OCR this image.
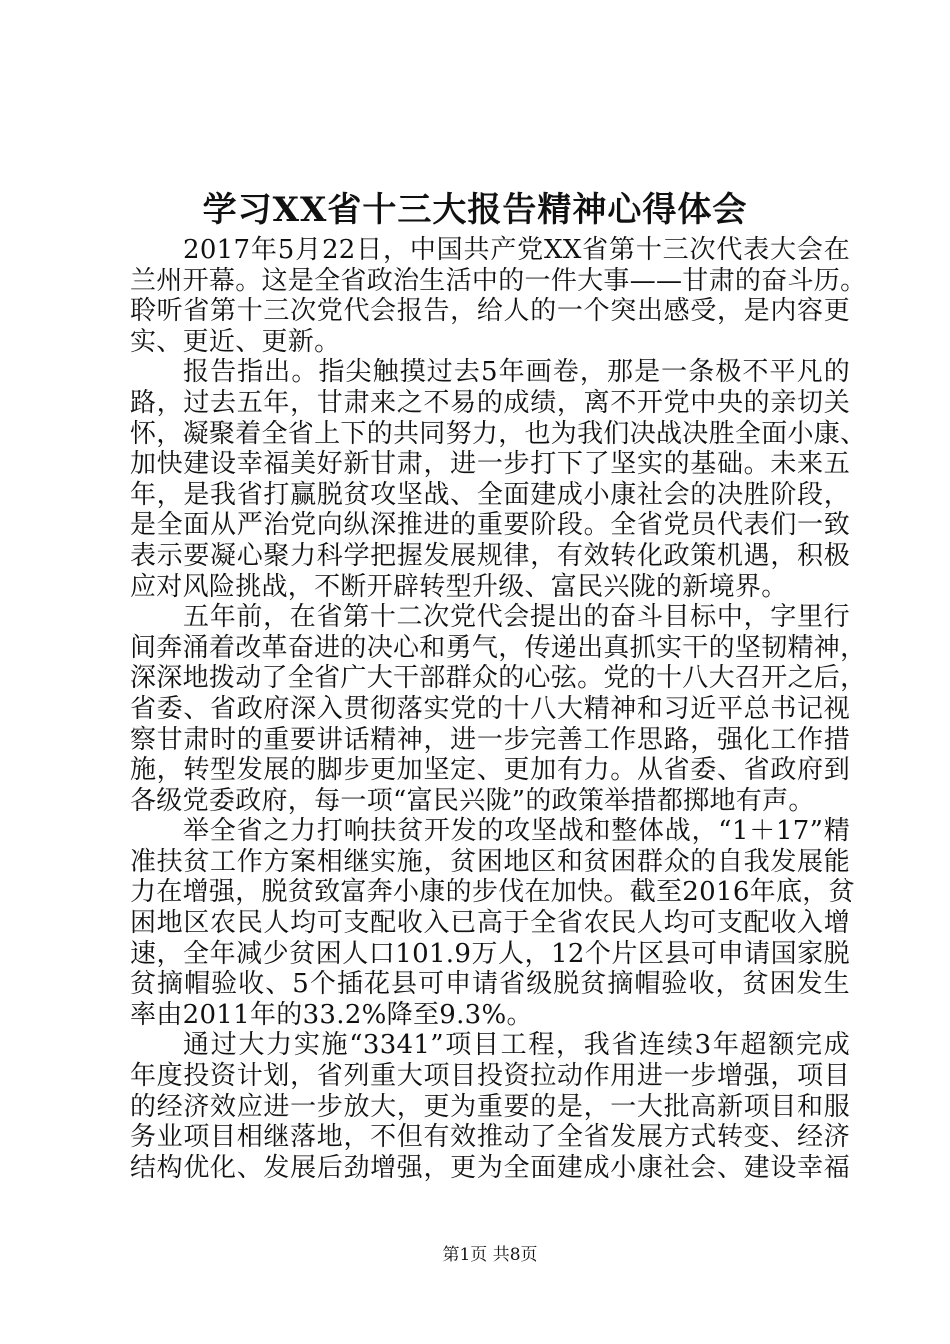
学习XX省十三大报告精神心得体会
2017年5月22日，中国共产党XX省第十三次代表大会在
兰州开幕。这是全省政治生活中的一件大事——甘肃的奋斗历。
聆听省第十三次党代会报告，给人的一个突出感受，是内容更
实、更近、更新。
报告指出。指尖触摸过去5年画卷，那是一条极不平凡的
路，过去五年，甘肃来之不易的成绩，离不开党中央的亲切关
怀，凝聚着全省上下的共同努力，也为我们决战决胜全面小康、
加快建设幸福美好新甘肃，进一步打下了坚实的基础。未来五
年，是我省打赢脱贫攻坚战、全面建成小康社会的决胜阶段，
是全面从严治党向纵深推进的重要阶段。全省党员代表们一致
表示要凝心聚力科学把握发展规律，有效转化政策机遇，积极
应对风险挑战，不断开辟转型升级、富民兴陇的新境界。
五年前，在省第十二次党代会提出的奋斗目标中，字里行
间奔涌着改革奋进的决心和勇气，传递出真抓实干的坚韧精神，
深深地拨动了全省广大干部群众的心弦。党的十八大召开之后，
省委、省政府深入贯彻落实党的十八大精神和习近平总书记视
察甘肃时的重要讲话精神，进一步完善工作思路，强化工作措
施，转型发展的脚步更加坚定、更加有力。从省委、省政府到
各级党委政府，每一项“富民兴陇”的政策举措都掷地有声。
举全省之力打响扶贫开发的攻坚战和整体战，“1＋17”精
准扶贫工作方案相继实施，贫困地区和贫困群众的自我发展能
力在增强，脱贫致富奔小康的步伐在加快。截至2016年底，贫
困地区农民人均可支配收入已高于全省农民人均可支配收入增
速，全年减少贫困人口101.9万人，12个片区县可申请国家脱
贫摘帽验收、5个插花县可申请省级脱贫摘帽验收，贫困发生
率由2011年的33.2%降至9.3%。
通过大力实施“3341”项目工程，我省连续3年超额完成
年度投资计划，省列重大项目投资拉动作用进一步增强，项目
的经济效应进一步放大，更为重要的是，一大批高新项目和服
务业项目相继落地，不但有效推动了全省发展方式转变、经济
结构优化、发展后劲增强，更为全面建成小康社会、建设幸福
第1页 共8页
